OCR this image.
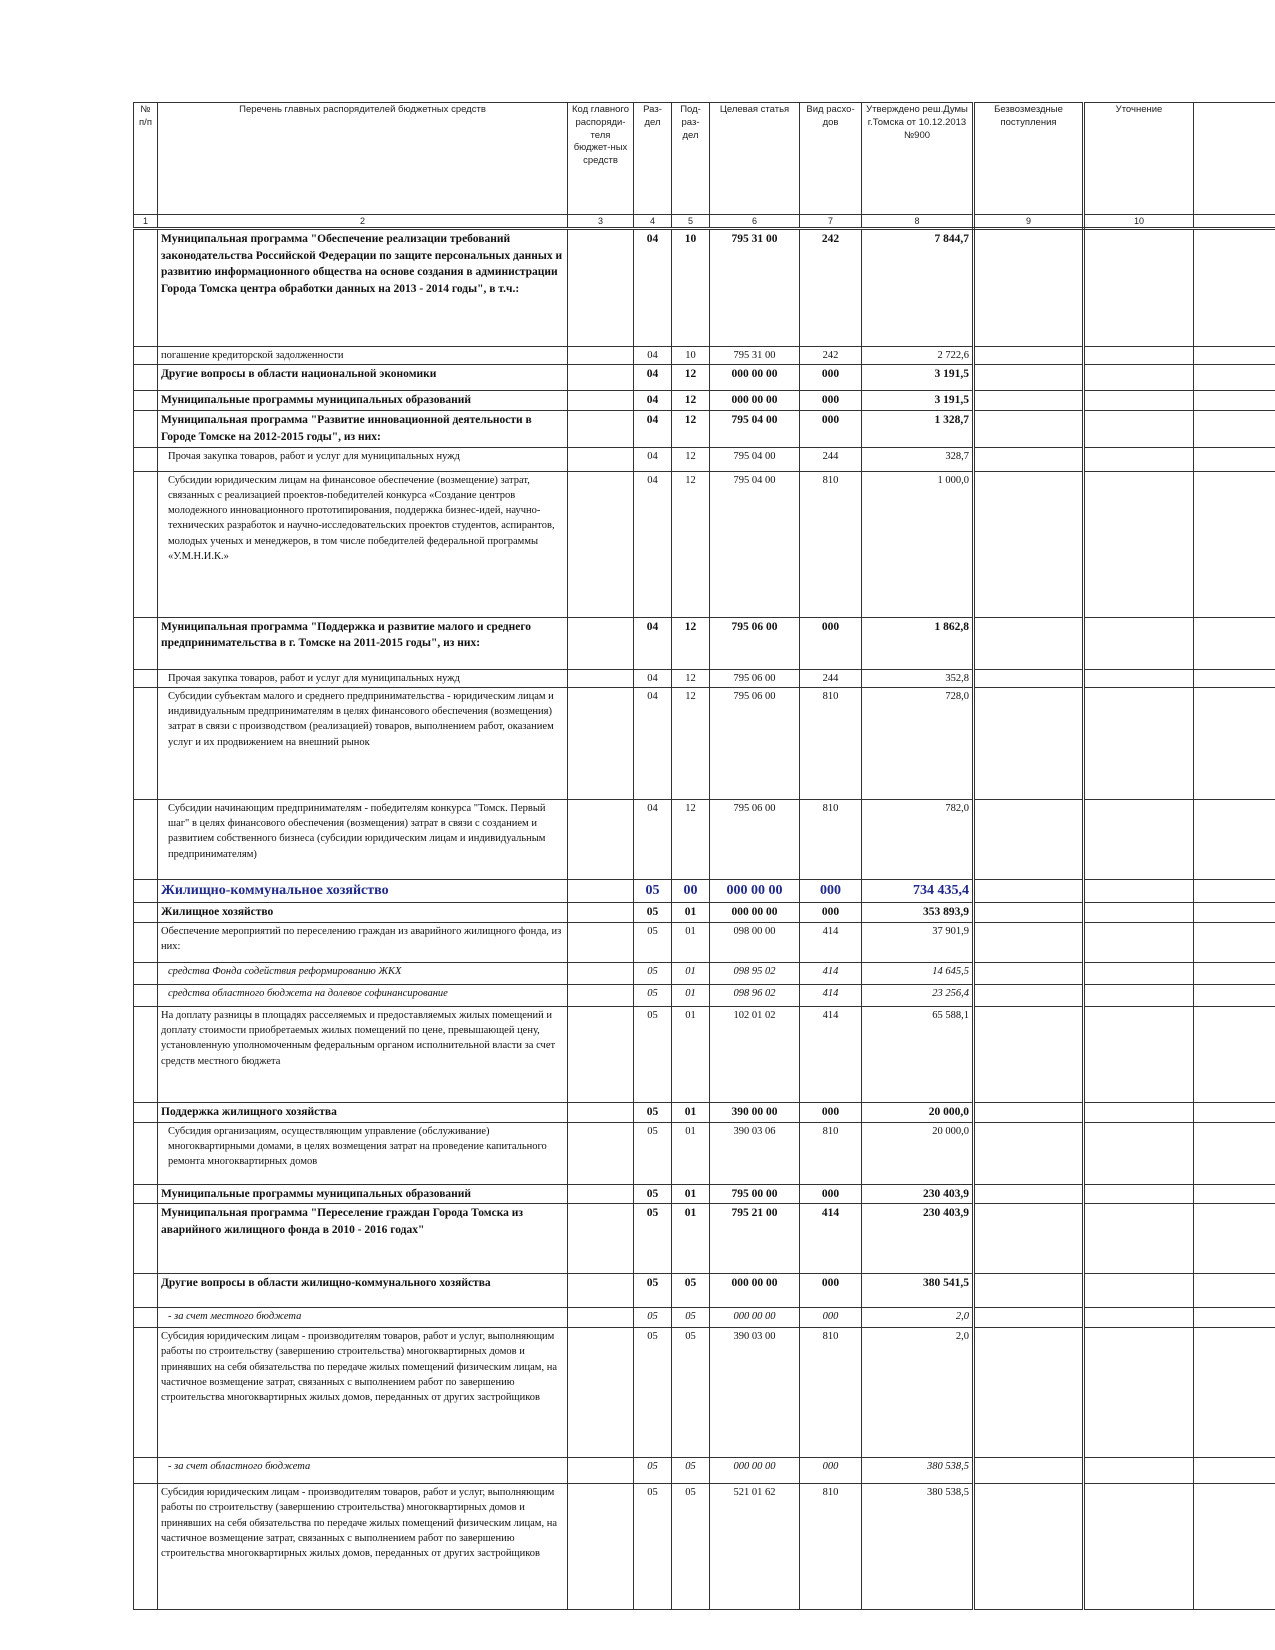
№ п/п	Перечень главных распорядителей бюджетных средств	Код главного распоряди-теля бюджет-ных средств	Раз-дел	Под-раз-дел	Целевая статья	Вид расхо-дов	Утверждено реш.Думы г.Томска от 10.12.2013 №900	Безвозмездные поступления	Уточнение	
1	2	3	4	5	6	7	8	9	10	
	Муниципальная программа "Обеспечение реализации требований законодательства Российской Федерации по защите персональных данных и развитию информационного общества на основе создания в администрации Города Томска центра обработки данных на 2013 - 2014 годы", в т.ч.:		04	10	795 31 00	242	7 844,7			
	погашение кредиторской задолженности		04	10	795 31 00	242	2 722,6			
	Другие вопросы в области национальной экономики		04	12	000 00 00	000	3 191,5			
	Муниципальные программы муниципальных образований		04	12	000 00 00	000	3 191,5			
	Муниципальная программа "Развитие инновационной деятельности в Городе Томске на 2012-2015 годы", из них:		04	12	795 04 00	000	1 328,7			
	Прочая закупка товаров, работ и услуг для муниципальных нужд		04	12	795 04 00	244	328,7			
	Субсидии юридическим лицам на финансовое обеспечение (возмещение) затрат, связанных с реализацией проектов-победителей конкурса «Создание центров молодежного инновационного прототипирования, поддержка бизнес-идей, научно-технических разработок и научно-исследовательских проектов студентов, аспирантов, молодых ученых и менеджеров, в том числе победителей федеральной программы «У.М.Н.И.К.»		04	12	795 04 00	810	1 000,0			
	Муниципальная программа "Поддержка и развитие малого и среднего предпринимательства в г. Томске на 2011-2015 годы", из них:		04	12	795 06 00	000	1 862,8			
	Прочая закупка товаров, работ и услуг для муниципальных нужд		04	12	795 06 00	244	352,8			
	Субсидии субъектам малого и среднего предпринимательства - юридическим лицам и индивидуальным предпринимателям в целях финансового обеспечения (возмещения) затрат в связи с производством (реализацией) товаров, выполнением работ, оказанием услуг и их продвижением на внешний рынок		04	12	795 06 00	810	728,0			
	Субсидии начинающим предпринимателям - победителям конкурса "Томск. Первый шаг" в целях финансового обеспечения (возмещения) затрат в связи с созданием и развитием собственного бизнеса (субсидии юридическим лицам и индивидуальным предпринимателям)		04	12	795 06 00	810	782,0			
	Жилищно-коммунальное хозяйство		05	00	000 00 00	000	734 435,4			
	Жилищное хозяйство		05	01	000 00 00	000	353 893,9			
	Обеспечение мероприятий по переселению граждан из аварийного жилищного фонда, из них:		05	01	098 00 00	414	37 901,9			
	средства Фонда содействия реформированию ЖКХ		05	01	098 95 02	414	14 645,5			
	средства областного бюджета на долевое софинансирование		05	01	098 96 02	414	23 256,4			
	На доплату разницы в площадях расселяемых и предоставляемых жилых помещений и доплату стоимости приобретаемых жилых помещений по цене, превышающей цену, установленную уполномоченным федеральным органом исполнительной власти за счет средств местного бюджета		05	01	102 01 02	414	65 588,1			
	Поддержка жилищного хозяйства		05	01	390 00 00	000	20 000,0			
	Субсидия организациям, осуществляющим управление (обслуживание) многоквартирными домами, в целях возмещения затрат на проведение капитального ремонта многоквартирных домов		05	01	390 03 06	810	20 000,0			
	Муниципальные программы муниципальных образований		05	01	795 00 00	000	230 403,9			
	Муниципальная программа "Переселение граждан Города Томска из аварийного жилищного фонда в 2010 - 2016 годах"		05	01	795 21 00	414	230 403,9			
	Другие вопросы в области жилищно-коммунального хозяйства		05	05	000 00 00	000	380 541,5			
	- за счет местного бюджета		05	05	000 00 00	000	2,0			
	Субсидия юридическим лицам - производителям товаров, работ и услуг, выполняющим работы по строительству (завершению строительства) многоквартирных домов и принявших на себя обязательства по передаче жилых помещений физическим лицам, на частичное возмещение затрат, связанных с выполнением работ по завершению строительства многоквартирных жилых домов, переданных от других застройщиков		05	05	390 03 00	810	2,0			
	- за счет областного бюджета		05	05	000 00 00	000	380 538,5			
	Субсидия юридическим лицам - производителям товаров, работ и услуг, выполняющим работы по строительству (завершению строительства) многоквартирных домов и принявших на себя обязательства по передаче жилых помещений физическим лицам, на частичное возмещение затрат, связанных с выполнением работ по завершению строительства многоквартирных жилых домов, переданных от других застройщиков		05	05	521 01 62	810	380 538,5			
